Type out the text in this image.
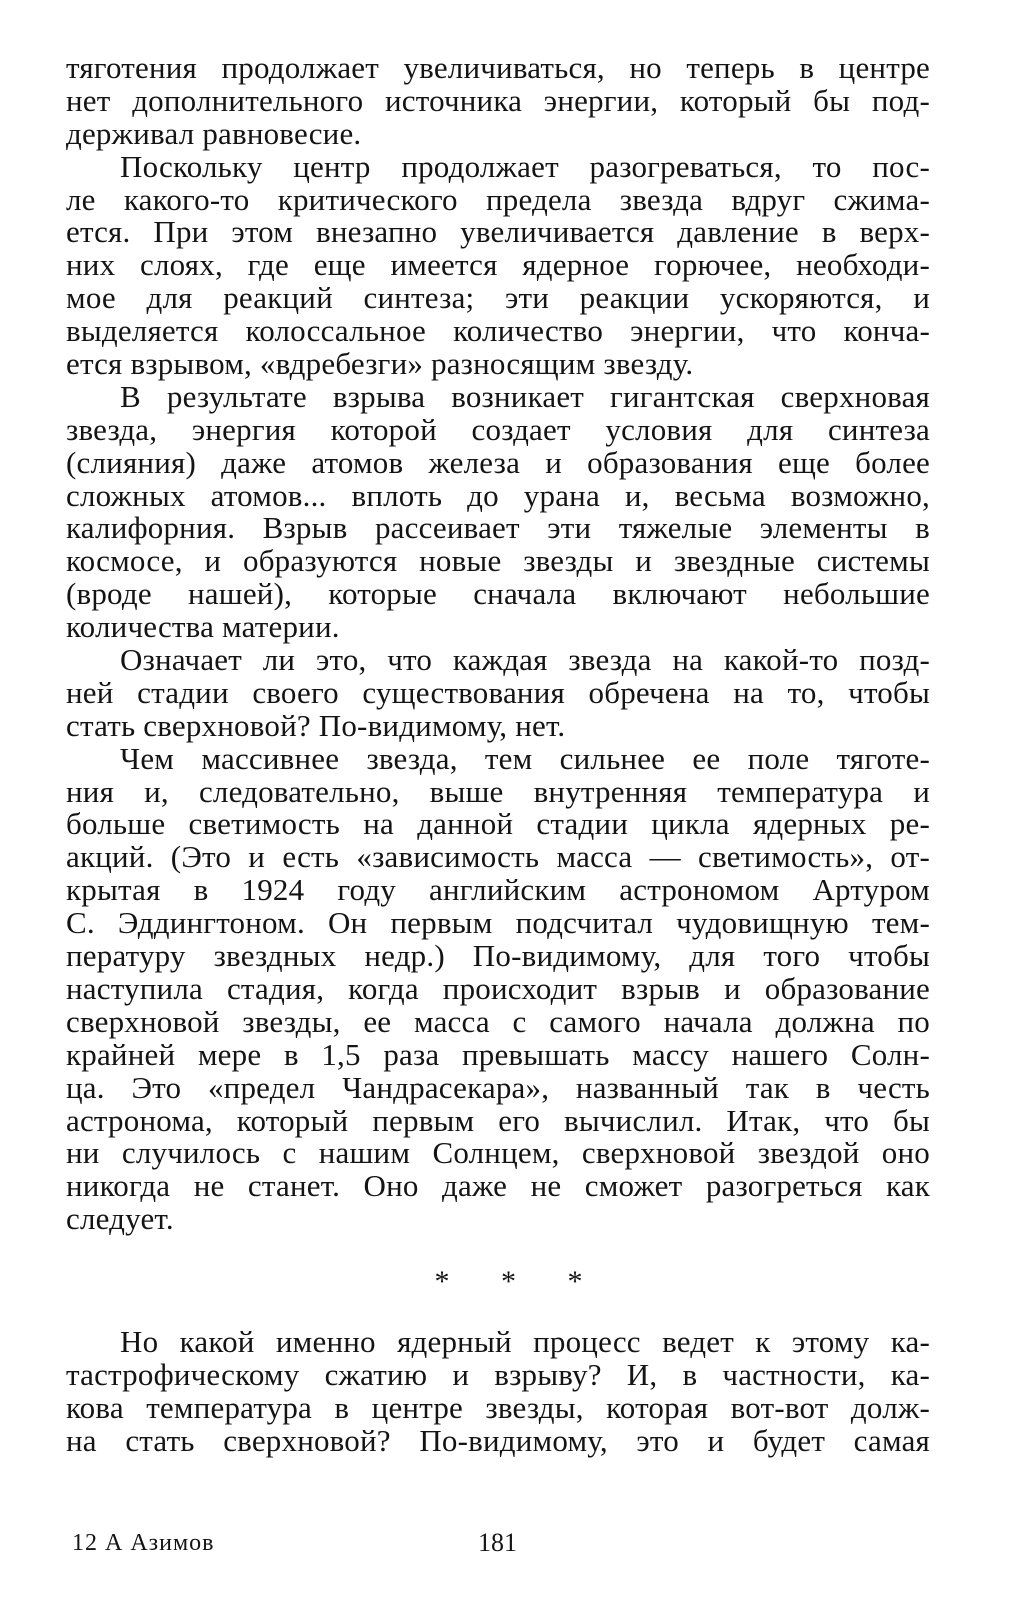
тяготения продолжает увеличиваться, но теперь в центре
нет дополнительного источника энергии, который бы под-
держивал равновесие.
Поскольку центр продолжает разогреваться, то пос-
ле какого-то критического предела звезда вдруг сжима-
ется. При этом внезапно увеличивается давление в верх-
них слоях, где еще имеется ядерное горючее, необходи-
мое для реакций синтеза; эти реакции ускоряются, и
выделяется колоссальное количество энергии, что конча-
ется взрывом, «вдребезги» разносящим звезду.
В результате взрыва возникает гигантская сверхновая
звезда, энергия которой создает условия для синтеза
(слияния) даже атомов железа и образования еще более
сложных атомов... вплоть до урана и, весьма возможно,
калифорния. Взрыв рассеивает эти тяжелые элементы в
космосе, и образуются новые звезды и звездные системы
(вроде нашей), которые сначала включают небольшие
количества материи.
Означает ли это, что каждая звезда на какой-то позд-
ней стадии своего существования обречена на то, чтобы
стать сверхновой? По-видимому, нет.
Чем массивнее звезда, тем сильнее ее поле тяготе-
ния и, следовательно, выше внутренняя температура и
больше светимость на данной стадии цикла ядерных ре-
акций. (Это и есть «зависимость масса — светимость», от-
крытая в 1924 году английским астрономом Артуром
С. Эддингтоном. Он первым подсчитал чудовищную тем-
пературу звездных недр.) По-видимому, для того чтобы
наступила стадия, когда происходит взрыв и образование
сверхновой звезды, ее масса с самого начала должна по
крайней мере в 1,5 раза превышать массу нашего Солн-
ца. Это «предел Чандрасекара», названный так в честь
астронома, который первым его вычислил. Итак, что бы
ни случилось с нашим Солнцем, сверхновой звездой оно
никогда не станет. Оно даже не сможет разогреться как
следует.
* * *
Но какой именно ядерный процесс ведет к этому ка-
тастрофическому сжатию и взрыву? И, в частности, ка-
кова температура в центре звезды, которая вот-вот долж-
на стать сверхновой? По-видимому, это и будет самая
12 А Азимов	181
